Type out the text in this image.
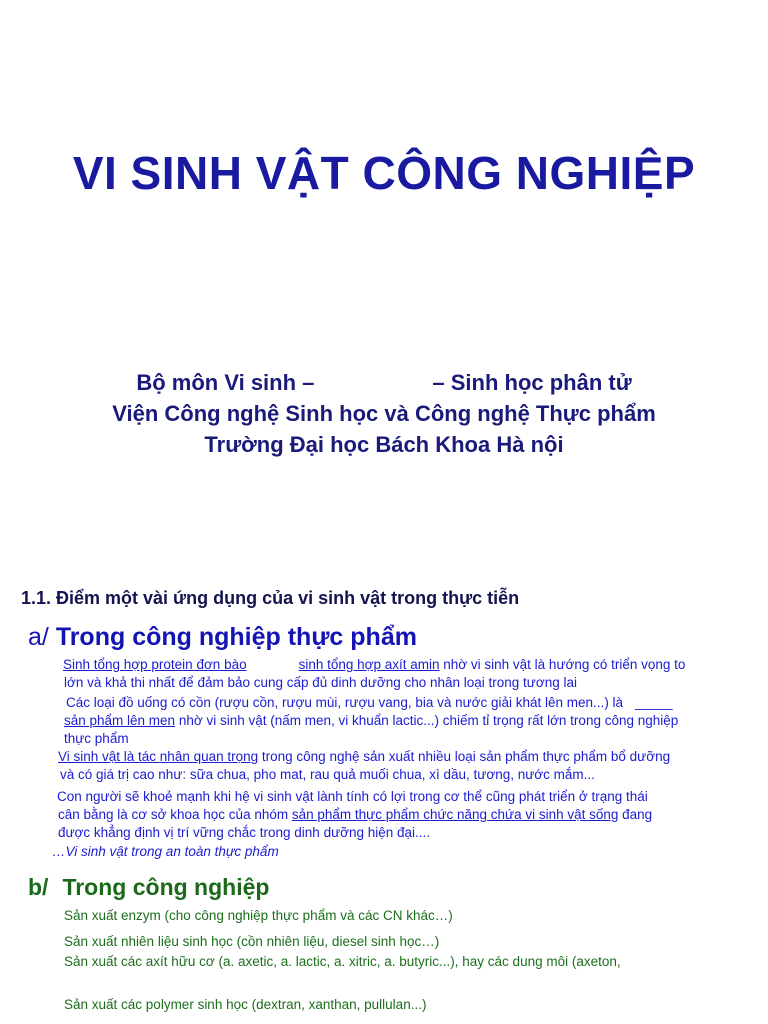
VI SINH VẬT CÔNG NGHIỆP
Bộ môn Vi sinh –	– Sinh học phân tử
Viện Công nghệ Sinh học và Công nghệ Thực phẩm
Trường Đại học Bách Khoa Hà nội
1.1. Điểm một vài ứng dụng của vi sinh vật trong thực tiễn
a/ Trong công nghiệp thực phẩm
Sinh tổng hợp protein đơn bào	sinh tổng hợp axít amin nhờ vi sinh vật là hướng có triển vọng to
lớn và khả thi nhất để đảm bảo cung cấp đủ dinh dưỡng cho nhân loại trong tương lai
Các loại đồ uống có cồn (rượu cồn, rượu mùi, rượu vang, bia và nước giải khát lên men...) là _____
sản phẩm lên men nhờ vi sinh vật (nấm men, vi khuẩn lactic...) chiếm tỉ trọng rất lớn trong công nghiệp
thực phẩm
Vi sinh vật là tác nhân quan trọng trong công nghệ sản xuất nhiều loại sản phẩm thực phẩm bổ dưỡng
và có giá trị cao như: sữa chua, pho mat, rau quả muối chua, xì dầu, tương, nước mắm...
Con người sẽ khoẻ mạnh khi hệ vi sinh vật lành tính có lợi trong cơ thể cũng phát triển ở trạng thái
cân bằng là cơ sở khoa học của nhóm sản phẩm thực phẩm chức năng chứa vi sinh vật sống đang
được khẳng định vị trí vững chắc trong dinh dưỡng hiện đại....
…Vi sinh vật trong an toàn thực phẩm
b/ Trong công nghiệp
Sản xuất enzym (cho công nghiệp thực phẩm và các CN khác…)
Sản xuất nhiên liệu sinh học (cồn nhiên liệu, diesel sinh học…)
Sản xuất các axít hữu cơ (a. axetic, a. lactic, a. xitric, a. butyric...), hay các dung môi (axeton,
Sản xuất các polymer sinh học (dextran, xanthan, pullulan...)
